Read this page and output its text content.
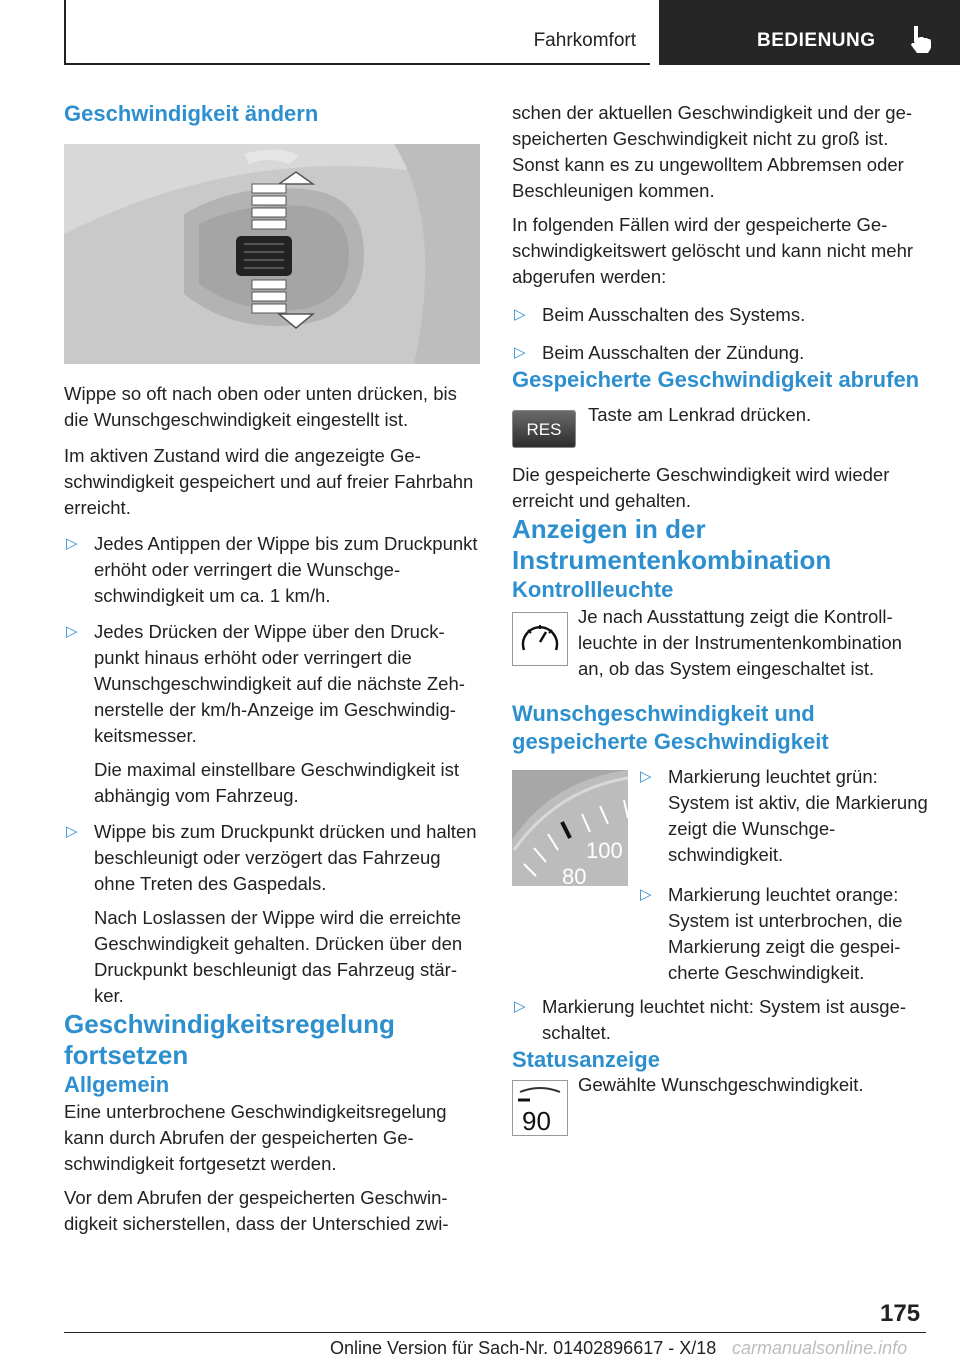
Fahrkomfort	BEDIENUNG
Geschwindigkeit ändern

Wippe so oft nach oben oder unten drücken, bis die Wunschgeschwindigkeit eingestellt ist.

Im aktiven Zustand wird die angezeigte Geschwindigkeit gespeichert und auf freier Fahrbahn erreicht.

▷ Jedes Antippen der Wippe bis zum Druckpunkt erhöht oder verringert die Wunschgeschwindigkeit um ca. 1 km/h.

▷ Jedes Drücken der Wippe über den Druckpunkt hinaus erhöht oder verringert die Wunschgeschwindigkeit auf die nächste Zehnerstelle der km/h-Anzeige im Geschwindigkeitsmesser.

Die maximal einstellbare Geschwindigkeit ist abhängig vom Fahrzeug.

▷ Wippe bis zum Druckpunkt drücken und halten beschleunigt oder verzögert das Fahrzeug ohne Treten des Gaspedals.

Nach Loslassen der Wippe wird die erreichte Geschwindigkeit gehalten. Drücken über den Druckpunkt beschleunigt das Fahrzeug stärker.

Geschwindigkeitsregelung fortsetzen
Allgemein

Eine unterbrochene Geschwindigkeitsregelung kann durch Abrufen der gespeicherten Geschwindigkeit fortgesetzt werden.

Vor dem Abrufen der gespeicherten Geschwindigkeit sicherstellen, dass der Unterschied zwi-

schen der aktuellen Geschwindigkeit und der gespeicherten Geschwindigkeit nicht zu groß ist. Sonst kann es zu ungewolltem Abbremsen oder Beschleunigen kommen.

In folgenden Fällen wird der gespeicherte Geschwindigkeitswert gelöscht und kann nicht mehr abgerufen werden:

▷ Beim Ausschalten des Systems.

▷ Beim Ausschalten der Zündung.

Gespeicherte Geschwindigkeit abrufen
RES

Taste am Lenkrad drücken.

Die gespeicherte Geschwindigkeit wird wieder erreicht und gehalten.

Anzeigen in der Instrumentenkombination
Kontrollleuchte

Je nach Ausstattung zeigt die Kontrollleuchte in der Instrumentenkombination an, ob das System eingeschaltet ist.

Wunschgeschwindigkeit und gespeicherte Geschwindigkeit
100
80
▷ Markierung leuchtet grün: System ist aktiv, die Markierung zeigt die Wunschgeschwindigkeit.

▷ Markierung leuchtet orange: System ist unterbrochen, die Markierung zeigt die gespeicherte Geschwindigkeit.

▷ Markierung leuchtet nicht: System ist ausgeschaltet.

Statusanzeige
90

Gewählte Wunschgeschwindigkeit.

175
Online Version für Sach-Nr. 01402896617 - X/18 carmanualsonline.info
